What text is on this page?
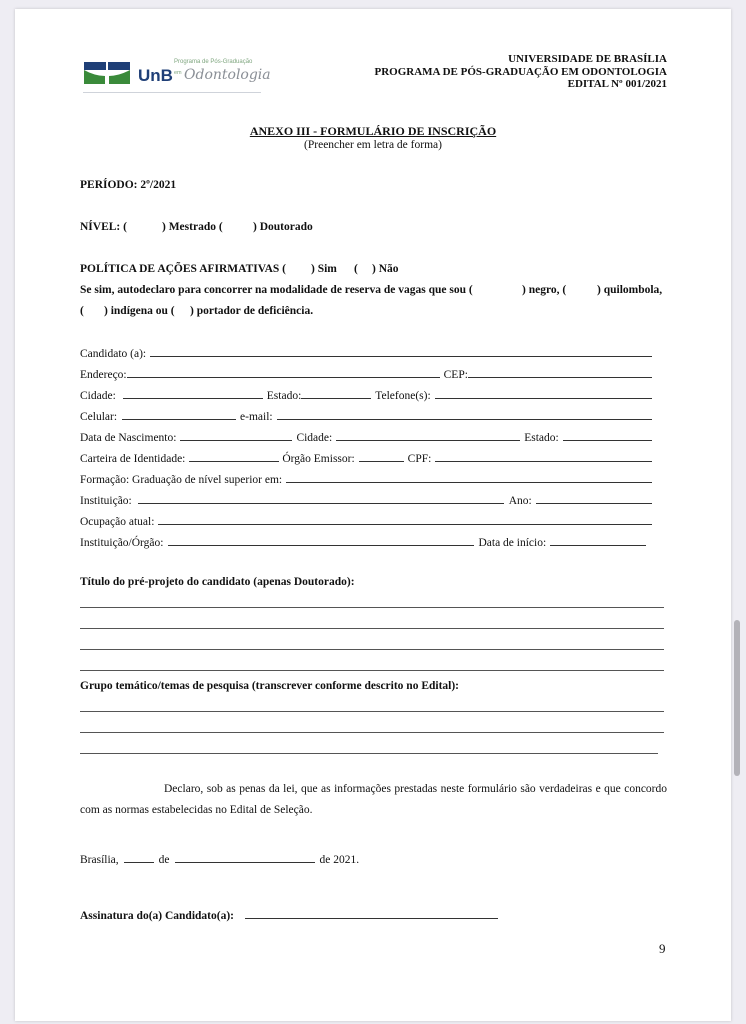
UnB
Programa de Pós-Graduação
em Odontologia
UNIVERSIDADE DE BRASÍLIA
PROGRAMA DE PÓS-GRADUAÇÃO EM ODONTOLOGIA
EDITAL Nº 001/2021
ANEXO III - FORMULÁRIO DE INSCRIÇÃO
(Preencher em letra de forma)
PERÍODO: 2º/2021
NÍVEL: (	) Mestrado (	) Doutorado
POLÍTICA DE AÇÕES AFIRMATIVAS ( ) Sim ( ) Não
Se sim, autodeclaro para concorrer na modalidade de reserva de vagas que sou (	) negro, (	) quilombola,
( ) indígena ou ( ) portador de deficiência.
Candidato (a):
Endereço:	CEP:
Cidade:	Estado:	Telefone(s):
Celular:	e-mail:
Data de Nascimento:	Cidade:	Estado:
Carteira de Identidade:	Órgão Emissor:	CPF:
Formação: Graduação de nível superior em:
Instituição:	Ano:
Ocupação atual:
Instituição/Órgão:	Data de início:
Título do pré-projeto do candidato (apenas Doutorado):
Grupo temático/temas de pesquisa (transcrever conforme descrito no Edital):
Declaro, sob as penas da lei, que as informações prestadas neste formulário são verdadeiras e que concordo com as normas estabelecidas no Edital de Seleção.
Brasília,	de	de 2021.
Assinatura do(a) Candidato(a):
9
